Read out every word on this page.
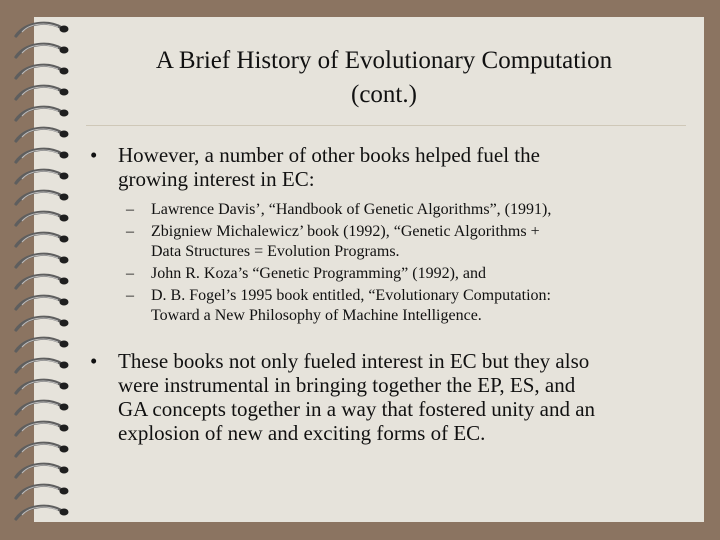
A Brief History of Evolutionary Computation
(cont.)
• However, a number of other books helped fuel the
growing interest in EC:
– Lawrence Davis’, “Handbook of Genetic Algorithms”, (1991),
– Zbigniew Michalewicz’ book (1992), “Genetic Algorithms +
Data Structures = Evolution Programs.
– John R. Koza’s “Genetic Programming” (1992), and
– D. B. Fogel’s 1995 book entitled, “Evolutionary Computation:
Toward a New Philosophy of Machine Intelligence.
• These books not only fueled interest in EC but they also
were instrumental in bringing together the EP, ES, and
GA concepts together in a way that fostered unity and an
explosion of new and exciting forms of EC.
